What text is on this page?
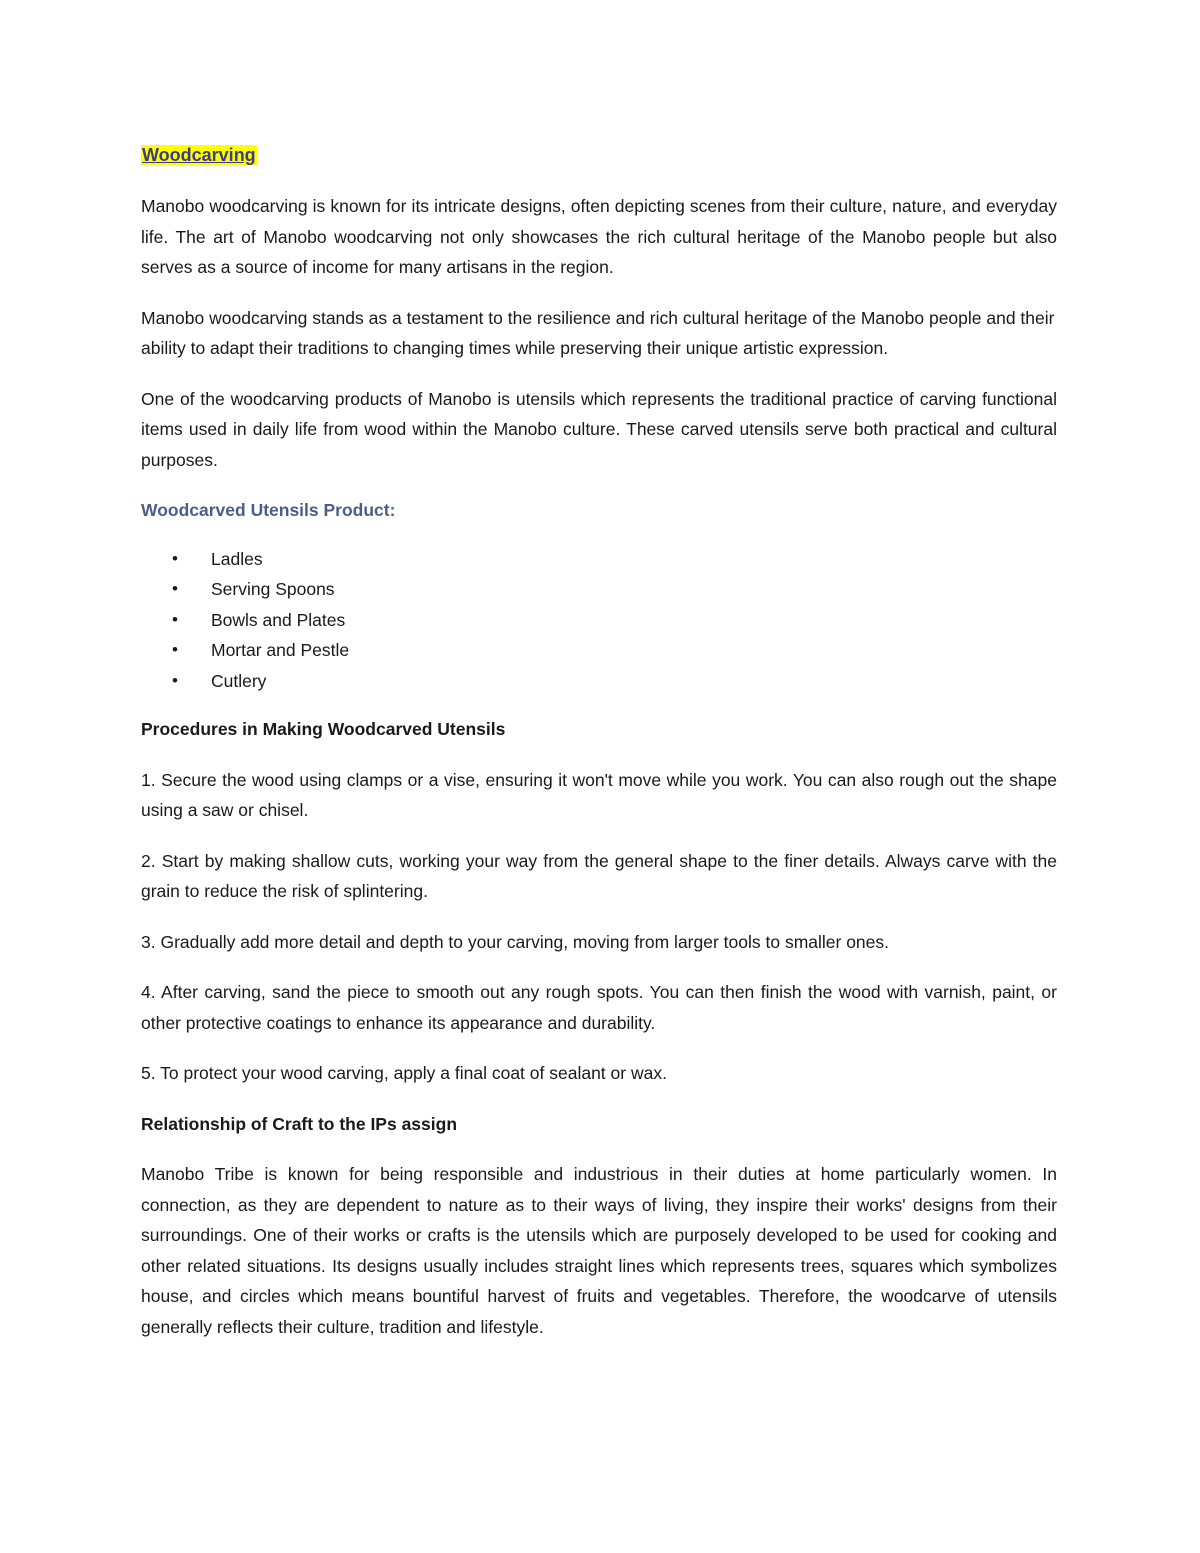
Woodcarving

Manobo woodcarving is known for its intricate designs, often depicting scenes from their culture, nature, and everyday life. The art of Manobo woodcarving not only showcases the rich cultural heritage of the Manobo people but also serves as a source of income for many artisans in the region.

Manobo woodcarving stands as a testament to the resilience and rich cultural heritage of the Manobo people and their ability to adapt their traditions to changing times while preserving their unique artistic expression.

One of the woodcarving products of Manobo is utensils which represents the traditional practice of carving functional items used in daily life from wood within the Manobo culture. These carved utensils serve both practical and cultural purposes.

Woodcarved Utensils Product:
• Ladles
• Serving Spoons
• Bowls and Plates
• Mortar and Pestle
• Cutlery
Procedures in Making Woodcarved Utensils

1. Secure the wood using clamps or a vise, ensuring it won't move while you work. You can also rough out the shape using a saw or chisel.

2. Start by making shallow cuts, working your way from the general shape to the finer details. Always carve with the grain to reduce the risk of splintering.

3. Gradually add more detail and depth to your carving, moving from larger tools to smaller ones.

4. After carving, sand the piece to smooth out any rough spots. You can then finish the wood with varnish, paint, or other protective coatings to enhance its appearance and durability.

5. To protect your wood carving, apply a final coat of sealant or wax.

Relationship of Craft to the IPs assign

Manobo Tribe is known for being responsible and industrious in their duties at home particularly women. In connection, as they are dependent to nature as to their ways of living, they inspire their works' designs from their surroundings. One of their works or crafts is the utensils which are purposely developed to be used for cooking and other related situations. Its designs usually includes straight lines which represents trees, squares which symbolizes house, and circles which means bountiful harvest of fruits and vegetables. Therefore, the woodcarve of utensils generally reflects their culture, tradition and lifestyle.
